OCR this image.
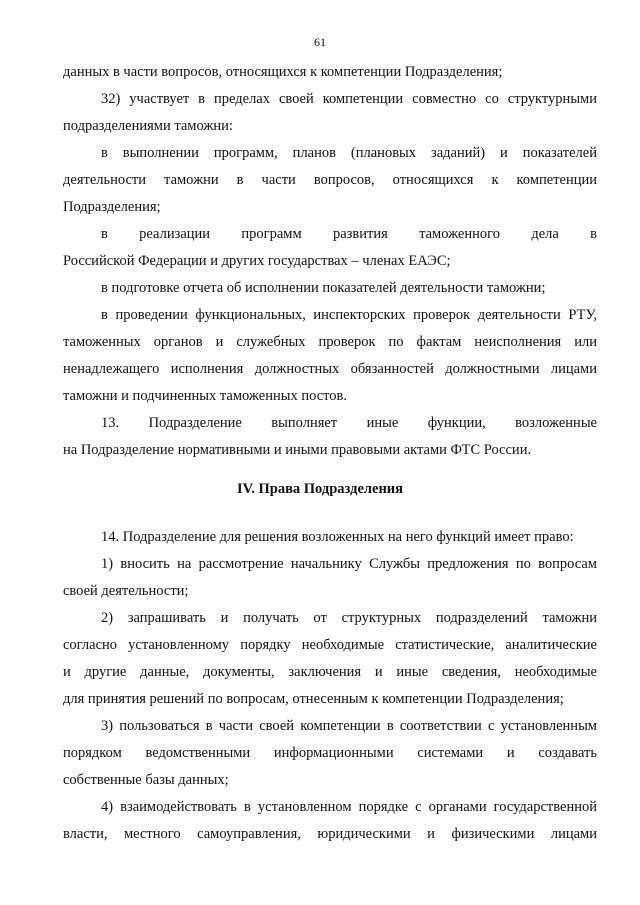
61
данных в части вопросов, относящихся к компетенции Подразделения;
32) участвует в пределах своей компетенции совместно со структурными
подразделениями таможни:
в выполнении программ, планов (плановых заданий) и показателей
деятельности таможни в части вопросов, относящихся к компетенции
Подразделения;
в реализации программ развития таможенного дела в
Российской Федерации и других государствах – членах ЕАЭС;
в подготовке отчета об исполнении показателей деятельности таможни;
в проведении функциональных, инспекторских проверок деятельности РТУ,
таможенных органов и служебных проверок по фактам неисполнения или
ненадлежащего исполнения должностных обязанностей должностными лицами
таможни и подчиненных таможенных постов.
13. Подразделение выполняет иные функции, возложенные
на Подразделение нормативными и иными правовыми актами ФТС России.
IV. Права Подразделения
14. Подразделение для решения возложенных на него функций имеет право:
1) вносить на рассмотрение начальнику Службы предложения по вопросам
своей деятельности;
2) запрашивать и получать от структурных подразделений таможни
согласно установленному порядку необходимые статистические, аналитические
и другие данные, документы, заключения и иные сведения, необходимые
для принятия решений по вопросам, отнесенным к компетенции Подразделения;
3) пользоваться в части своей компетенции в соответствии с установленным
порядком ведомственными информационными системами и создавать
собственные базы данных;
4) взаимодействовать в установленном порядке с органами государственной
власти, местного самоуправления, юридическими и физическими лицами
